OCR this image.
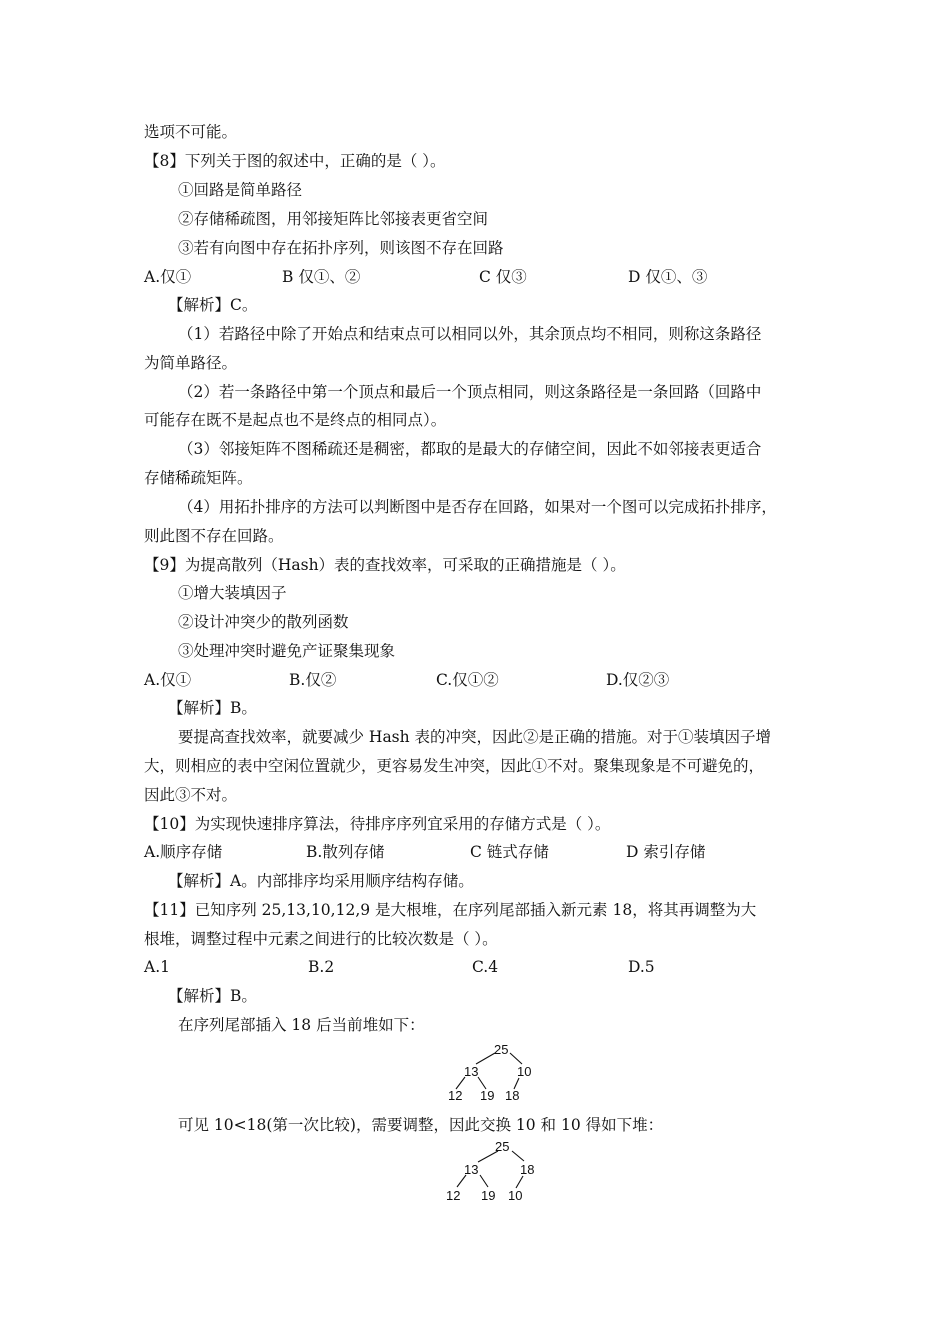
选项不可能。
【8】下列关于图的叙述中，正确的是（ ）。
①回路是简单路径
②存储稀疏图，用邻接矩阵比邻接表更省空间
③若有向图中存在拓扑序列，则该图不存在回路
A.仅①	B 仅①、②	C 仅③	D 仅①、③
【解析】C。
（1）若路径中除了开始点和结束点可以相同以外，其余顶点均不相同，则称这条路径
为简单路径。
（2）若一条路径中第一个顶点和最后一个顶点相同，则这条路径是一条回路（回路中
可能存在既不是起点也不是终点的相同点）。
（3）邻接矩阵不图稀疏还是稠密，都取的是最大的存储空间，因此不如邻接表更适合
存储稀疏矩阵。
（4）用拓扑排序的方法可以判断图中是否存在回路，如果对一个图可以完成拓扑排序，
则此图不存在回路。
【9】为提高散列（Hash）表的查找效率，可采取的正确措施是（ ）。
①增大装填因子
②设计冲突少的散列函数
③处理冲突时避免产证聚集现象
A.仅①	B.仅②	C.仅①②	D.仅②③
【解析】B。
要提高查找效率，就要减少 Hash 表的冲突，因此②是正确的措施。对于①装填因子增
大，则相应的表中空闲位置就少，更容易发生冲突，因此①不对。聚集现象是不可避免的，
因此③不对。
【10】为实现快速排序算法，待排序序列宜采用的存储方式是（ ）。
A.顺序存储	B.散列存储	C 链式存储	D 索引存储
【解析】A。内部排序均采用顺序结构存储。
【11】已知序列 25,13,10,12,9 是大根堆，在序列尾部插入新元素 18，将其再调整为大
根堆，调整过程中元素之间进行的比较次数是（ ）。
A.1	B.2	C.4	D.5
【解析】B。
在序列尾部插入 18 后当前堆如下：
25
13	10
12 19 18
可见 10<18(第一次比较)，需要调整，因此交换 10 和 10 得如下堆：
25
13	18
12 19 10
